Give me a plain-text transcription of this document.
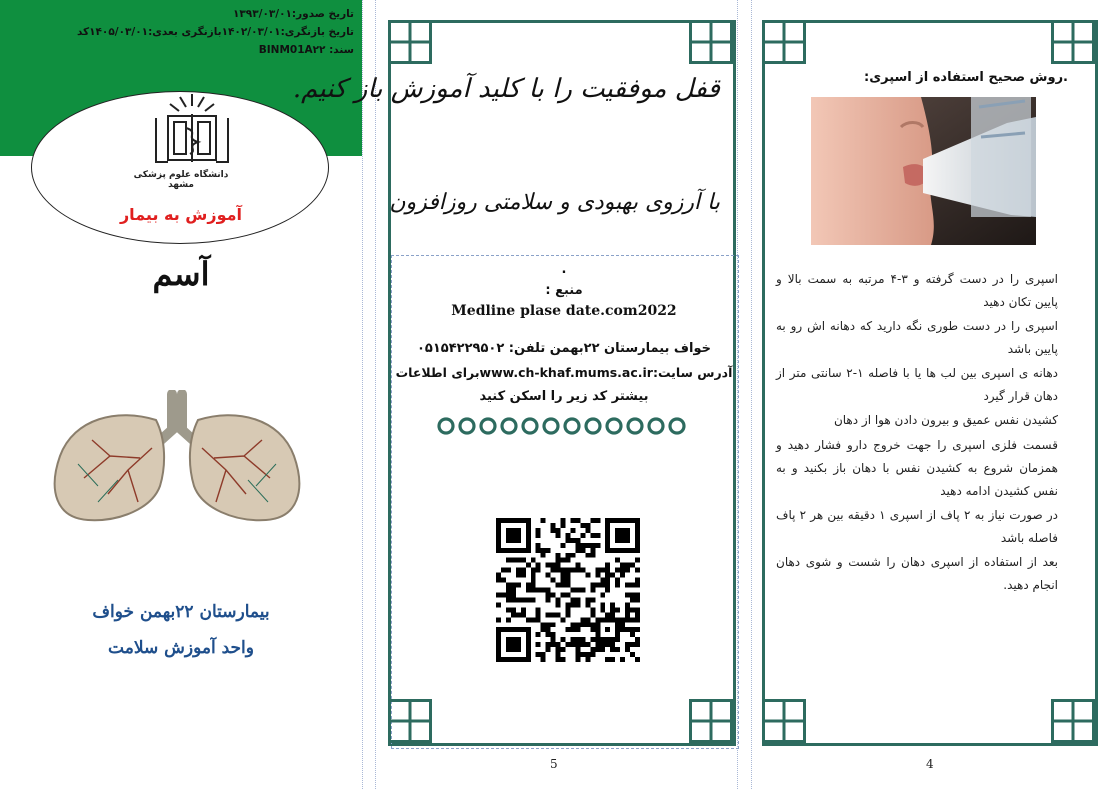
تاریخ صدور:۱۳۹۳/۰۳/۰۱
تاریخ بازنگری:۱۴۰۲/۰۳/۰۱بازنگری بعدی:۱۴۰۵/۰۳/۰۱کد
سند: BINM01A۲۲
دانشگاه علوم پزشکی مشهد
آموزش به بیمار
آسم
بیمارستان ۲۲بهمن خواف
واحد آموزش سلامت
قفل موفقیت را با کلید آموزش باز کنیم.
با آرزوی بهبودی و سلامتی روزافزون
.
منبع :
Medline plase date.com2022
خواف بیمارستان ۲۲بهمن تلفن: ۰۵۱۵۴۲۲۹۵۰۲
آدرس سایت:www.ch-khaf.mums.ac.irبرای اطلاعات
بیشتر کد زیر را اسکن کنید
5
.روش صحیح استفاده از اسپری:
اسپری را در دست گرفته و ۳-۴ مرتبه به سمت بالا و پایین تکان دهید
اسپری را در دست طوری نگه دارید که دهانه اش رو به پایین باشد
دهانه ی اسپری بین لب ها یا با فاصله ۱-۲ سانتی متر از دهان قرار گیرد
کشیدن نفس عمیق و بیرون دادن هوا از دهان
قسمت فلزی اسپری را جهت خروج دارو فشار دهید و همزمان شروع به کشیدن نفس با دهان باز بکنید و به نفس کشیدن ادامه دهید
در صورت نیاز به ۲ پاف از اسپری ۱ دقیقه بین هر ۲ پاف فاصله باشد
بعد از استفاده از اسپری دهان را شست و شوی دهان انجام دهید.
4
